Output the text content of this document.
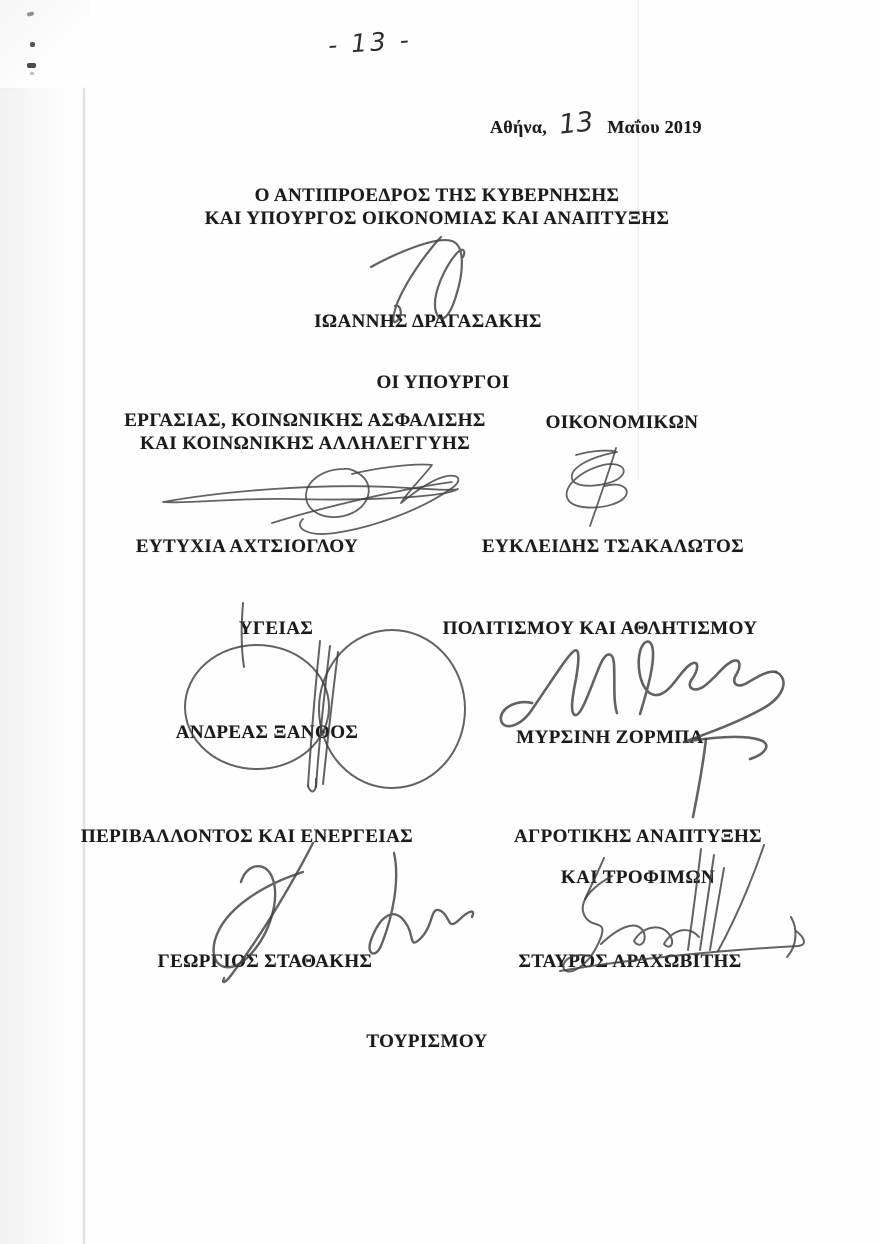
- 13 -
Αθήνα, 13 Μαΐου 2019
Ο ΑΝΤΙΠΡΟΕΔΡΟΣ ΤΗΣ ΚΥΒΕΡΝΗΣΗΣ
ΚΑΙ ΥΠΟΥΡΓΟΣ ΟΙΚΟΝΟΜΙΑΣ ΚΑΙ ΑΝΑΠΤΥΞΗΣ
ΙΩΑΝΝΗΣ ΔΡΑΓΑΣΑΚΗΣ
ΟΙ ΥΠΟΥΡΓΟΙ
ΕΡΓΑΣΙΑΣ, ΚΟΙΝΩΝΙΚΗΣ ΑΣΦΑΛΙΣΗΣ
ΚΑΙ ΚΟΙΝΩΝΙΚΗΣ ΑΛΛΗΛΕΓΓΥΗΣ
ΟΙΚΟΝΟΜΙΚΩΝ
ΕΥΤΥΧΙΑ ΑΧΤΣΙΟΓΛΟΥ	ΕΥΚΛΕΙΔΗΣ ΤΣΑΚΑΛΩΤΟΣ
ΥΓΕΙΑΣ	ΠΟΛΙΤΙΣΜΟΥ ΚΑΙ ΑΘΛΗΤΙΣΜΟΥ
ΑΝΔΡΕΑΣ ΞΑΝΘΟΣ	ΜΥΡΣΙΝΗ ΖΟΡΜΠΑ
ΠΕΡΙΒΑΛΛΟΝΤΟΣ ΚΑΙ ΕΝΕΡΓΕΙΑΣ	ΑΓΡΟΤΙΚΗΣ ΑΝΑΠΤΥΞΗΣ
ΚΑΙ ΤΡΟΦΙΜΩΝ
ΓΕΩΡΓΙΟΣ ΣΤΑΘΑΚΗΣ	ΣΤΑΥΡΟΣ ΑΡΑΧΩΒΙΤΗΣ
ΤΟΥΡΙΣΜΟΥ
